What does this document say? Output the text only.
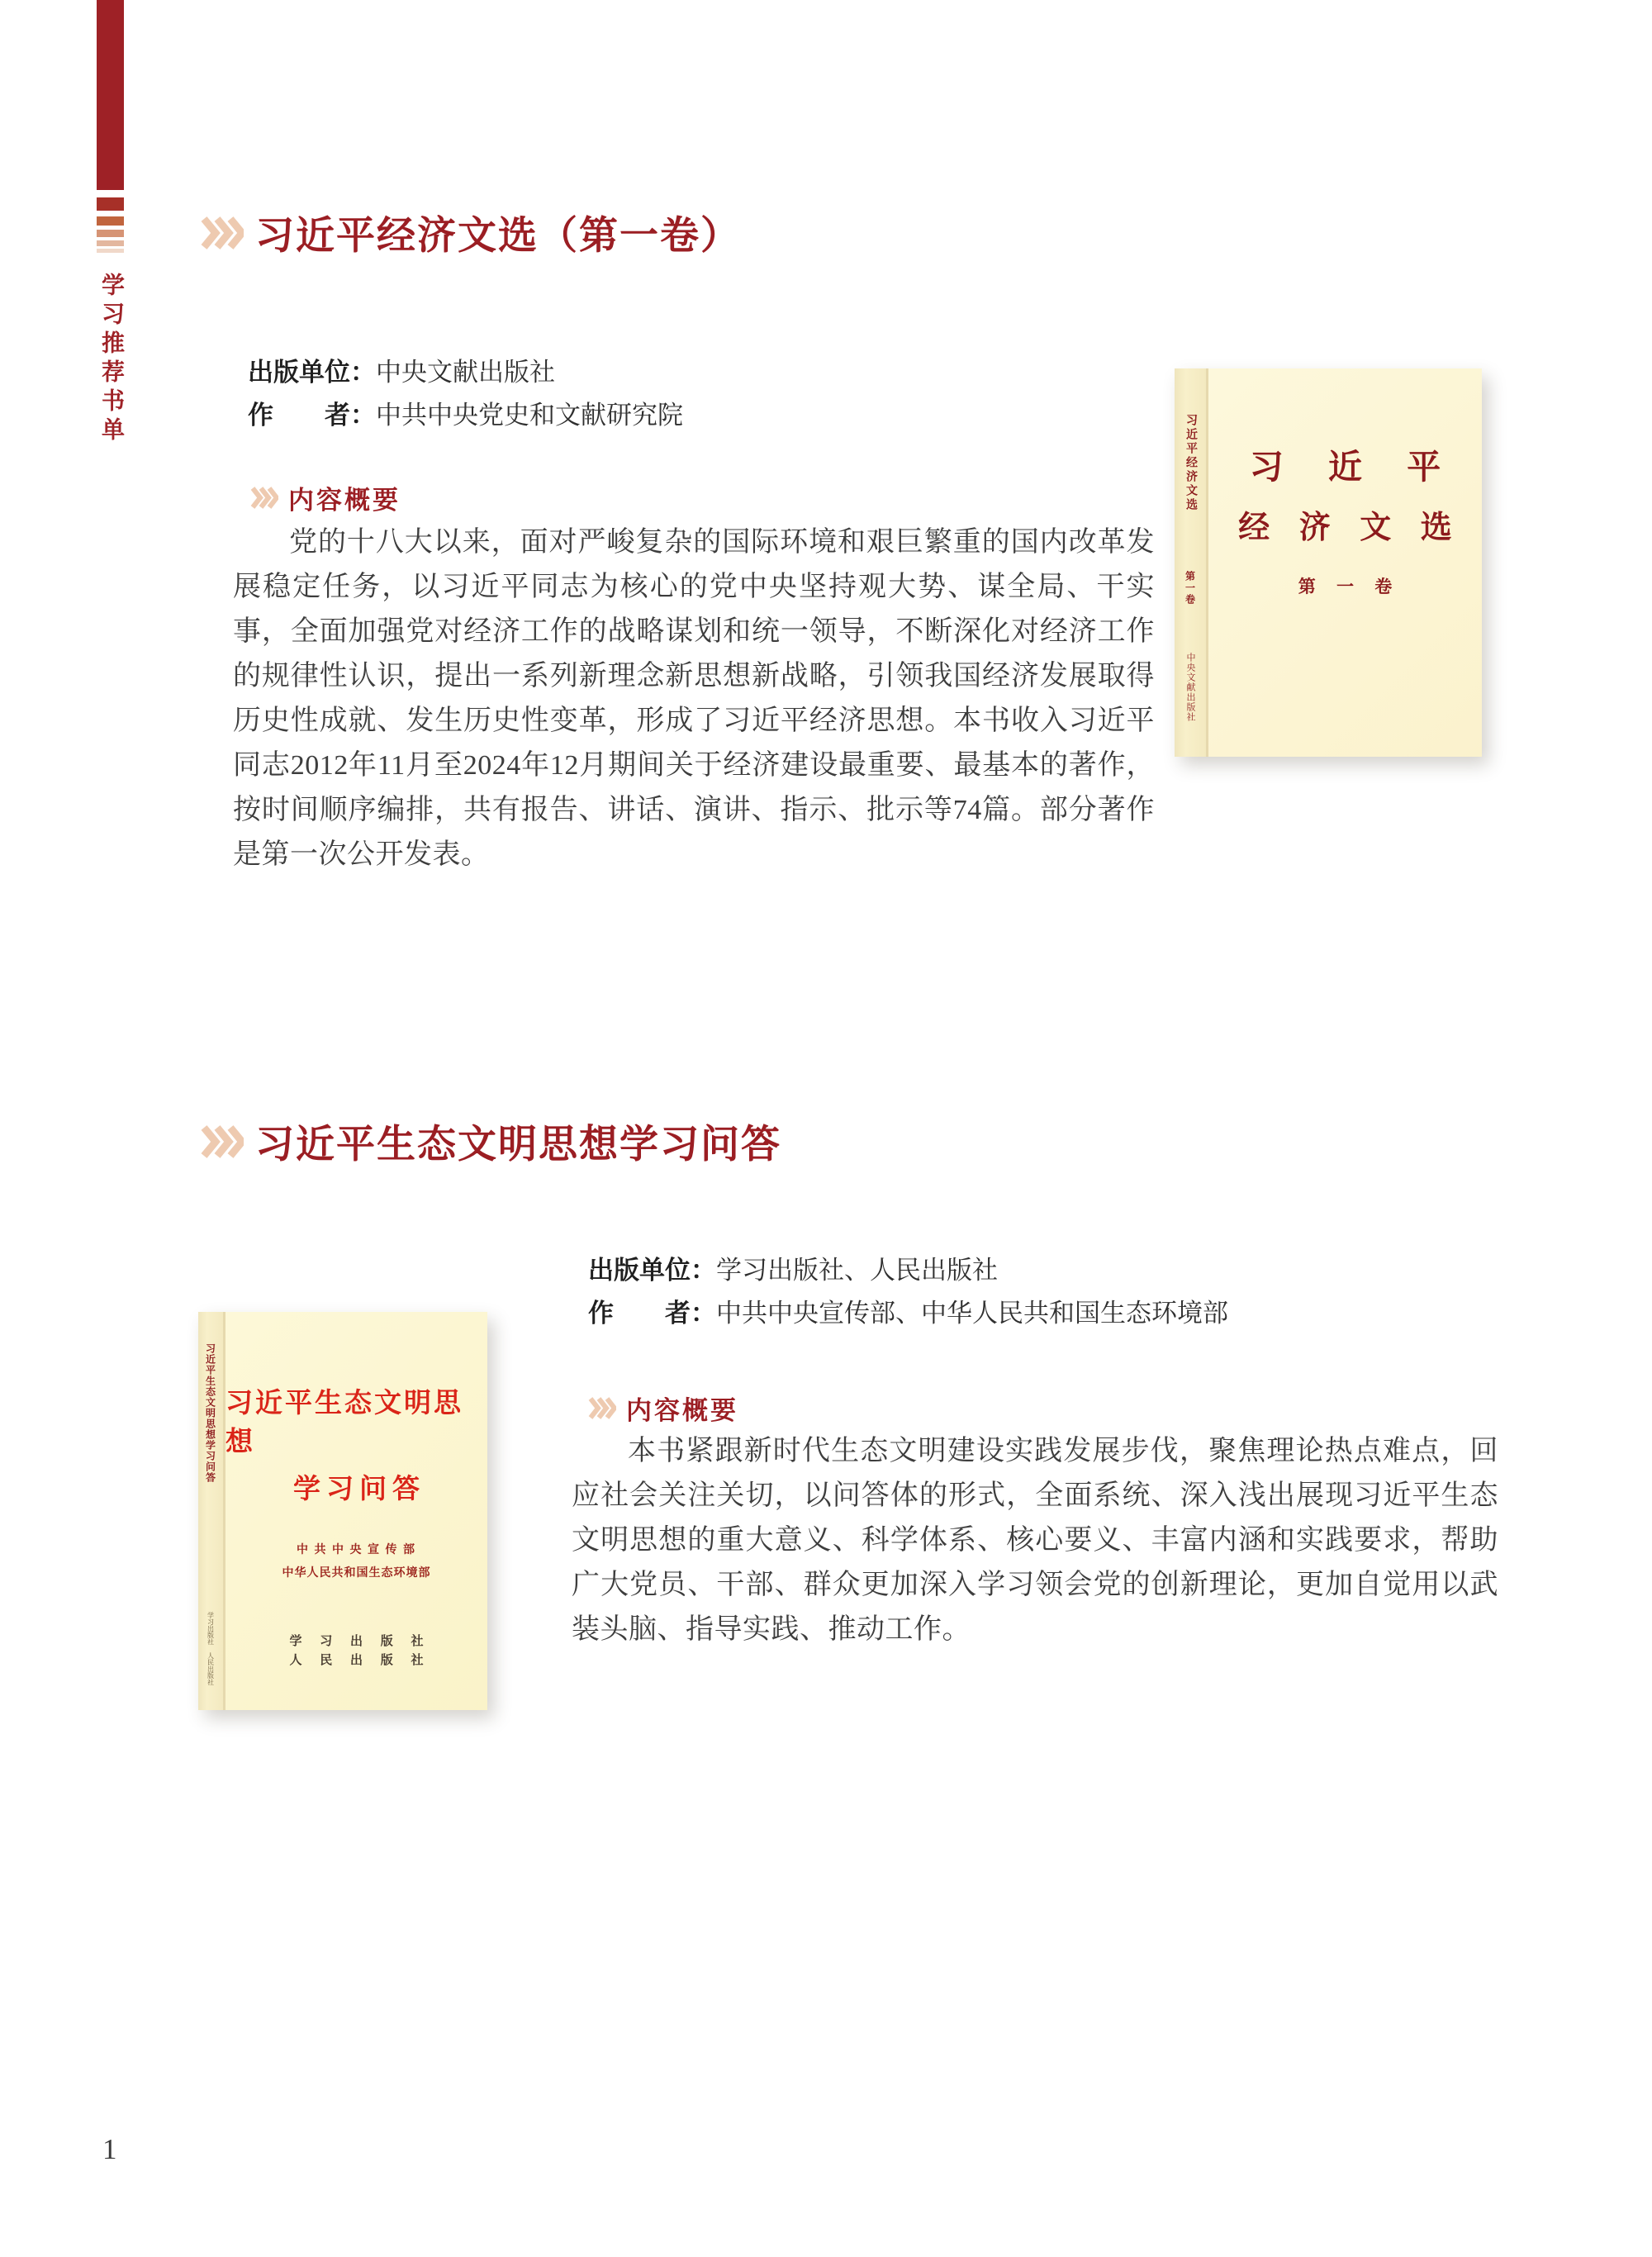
学习推荐书单
习近平经济文选（第一卷）
出版单位： 中央文献出版社
作　　者： 中共中央党史和文献研究院
内容概要

党的十八大以来，面对严峻复杂的国际环境和艰巨繁重的国内改革发展稳定任务，以习近平同志为核心的党中央坚持观大势、谋全局、干实事，全面加强党对经济工作的战略谋划和统一领导，不断深化对经济工作的规律性认识，提出一系列新理念新思想新战略，引领我国经济发展取得历史性成就、发生历史性变革，形成了习近平经济思想。本书收入习近平同志2012年11月至2024年12月期间关于经济建设最重要、最基本的著作，按时间顺序编排，共有报告、讲话、演讲、指示、批示等74篇。部分著作是第一次公开发表。

习近平经济文选
第一卷
中央文献出版社
习 近 平
经 济 文 选
第 一 卷
习近平生态文明思想学习问答
习近平生态文明思想学习问答
学习出版社 人民出版社
习近平生态文明思想
学习问答
中 共 中 央 宣 传 部
中华人民共和国生态环境部
学 习 出 版 社
人 民 出 版 社
出版单位： 学习出版社、人民出版社
作　　者： 中共中央宣传部、中华人民共和国生态环境部
内容概要

本书紧跟新时代生态文明建设实践发展步伐，聚焦理论热点难点，回应社会关注关切，以问答体的形式，全面系统、深入浅出展现习近平生态文明思想的重大意义、科学体系、核心要义、丰富内涵和实践要求，帮助广大党员、干部、群众更加深入学习领会党的创新理论，更加自觉用以武装头脑、指导实践、推动工作。

1
